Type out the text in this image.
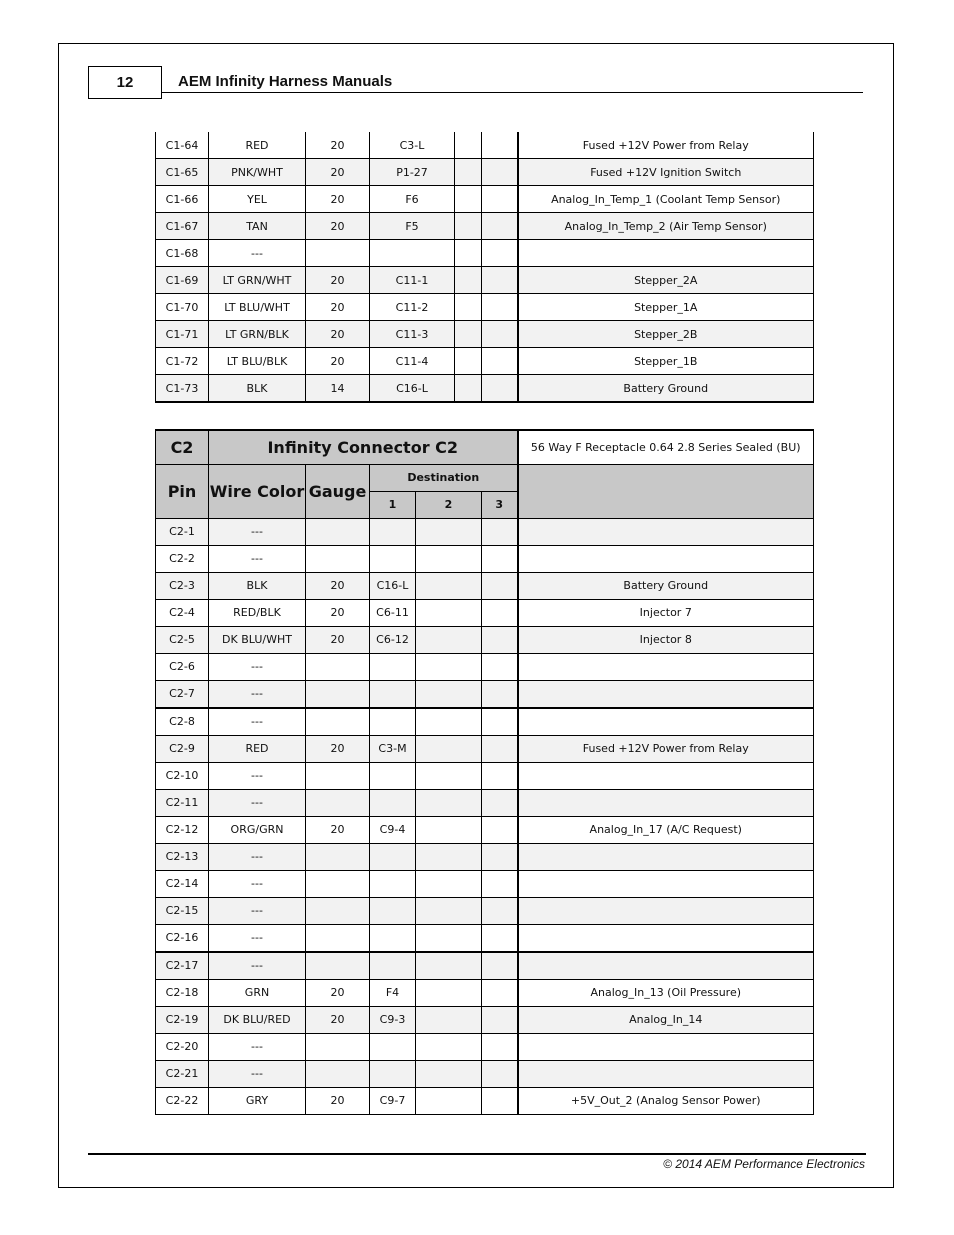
12	AEM Infinity Harness Manuals
C1-64	RED	20	C3-L			Fused +12V Power from Relay
C1-65	PNK/WHT	20	P1-27			Fused +12V Ignition Switch
C1-66	YEL	20	F6			Analog_In_Temp_1 (Coolant Temp Sensor)
C1-67	TAN	20	F5			Analog_In_Temp_2 (Air Temp Sensor)
C1-68	---					
C1-69	LT GRN/WHT	20	C11-1			Stepper_2A
C1-70	LT BLU/WHT	20	C11-2			Stepper_1A
C1-71	LT GRN/BLK	20	C11-3			Stepper_2B
C1-72	LT BLU/BLK	20	C11-4			Stepper_1B
C1-73	BLK	14	C16-L			Battery Ground
C2	Infinity Connector C2					56 Way F Receptacle 0.64 2.8 Series Sealed (BU)
Pin	Wire Color	Gauge	Destination			
			1	2	3	
C2-1	---					
C2-2	---					
C2-3	BLK	20	C16-L			Battery Ground
C2-4	RED/BLK	20	C6-11			Injector 7
C2-5	DK BLU/WHT	20	C6-12			Injector 8
C2-6	---					
C2-7	---					
C2-8	---					
C2-9	RED	20	C3-M			Fused +12V Power from Relay
C2-10	---					
C2-11	---					
C2-12	ORG/GRN	20	C9-4			Analog_In_17 (A/C Request)
C2-13	---					
C2-14	---					
C2-15	---					
C2-16	---					
C2-17	---					
C2-18	GRN	20	F4			Analog_In_13 (Oil Pressure)
C2-19	DK BLU/RED	20	C9-3			Analog_In_14
C2-20	---					
C2-21	---					
C2-22	GRY	20	C9-7			+5V_Out_2 (Analog Sensor Power)
© 2014 AEM Performance Electronics
